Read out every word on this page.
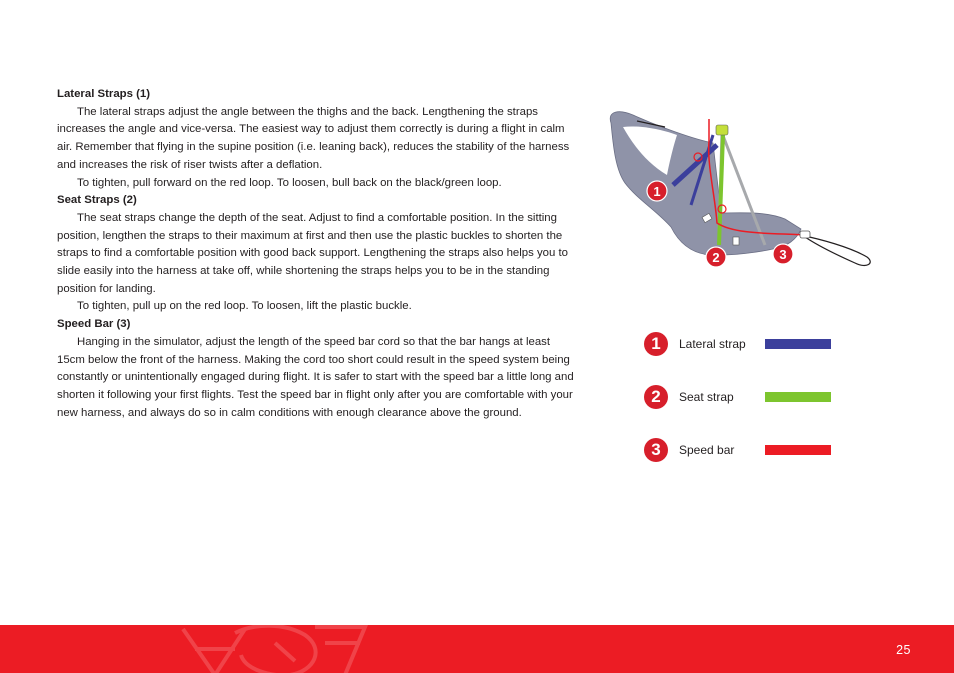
Lateral Straps (1)

The lateral straps adjust the angle between the thighs and the back. Lengthening the straps increases the angle and vice-versa. The easiest way to adjust them correctly is during a flight in calm air. Remember that flying in the supine position (i.e. leaning back), reduces the stability of the harness and increases the risk of riser twists after a deflation.

To tighten, pull forward on the red loop. To loosen, bull back on the black/green loop.

Seat Straps (2)

The seat straps change the depth of the seat. Adjust to find a comfortable position. In the sitting position, lengthen the straps to their maximum at first and then use the plastic buckles to shorten the straps to find a comfortable position with good back support. Lengthening the straps also helps you to slide easily into the harness at take off, while shortening the straps helps you to be in the standing position for landing.

To tighten, pull up on the red loop. To loosen, lift the plastic buckle.

Speed Bar (3)

Hanging in the simulator, adjust the length of the speed bar cord so that the bar hangs at least 15cm below the front of the harness. Making the cord too short could result in the speed system being constantly or unintentionally engaged during flight. It is safer to start with the speed bar a little long and shorten it following your first flights. Test the speed bar in flight only after you are comfortable with your new harness, and always do so in calm conditions with enough clearance above the ground.

1
2	3
1	Lateral strap
2	Seat strap
3	Speed bar
25
